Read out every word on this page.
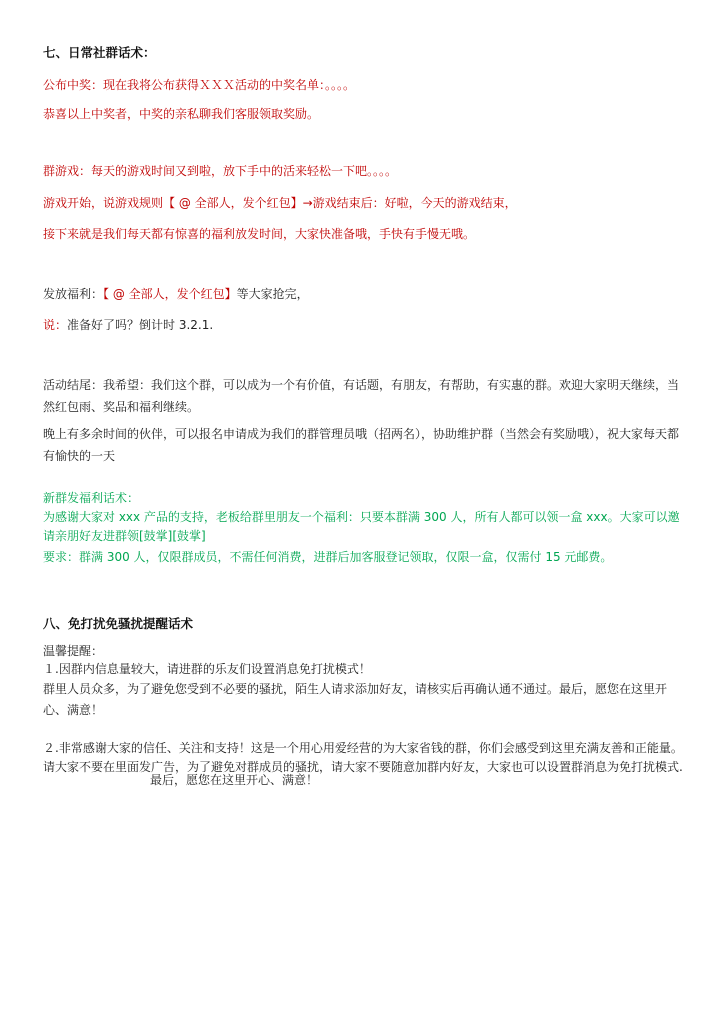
七、日常社群话术：
公布中奖：现在我将公布获得ＸＸＸ活动的中奖名单：。。。。
恭喜以上中奖者，中奖的亲私聊我们客服领取奖励。
群游戏：每天的游戏时间又到啦，放下手中的活来轻松一下吧。。。。
游戏开始，说游戏规则【 @ 全部人，发个红包】→游戏结束后：好啦，今天的游戏结束，
接下来就是我们每天都有惊喜的福利放发时间，大家快准备哦，手快有手慢无哦。
发放福利：【 @ 全部人，发个红包】等大家抢完，
说：准备好了吗？倒计时 3.2.1.
活动结尾：我希望：我们这个群，可以成为一个有价值，有话题，有朋友，有帮助，有实惠的群。欢迎大家明天继续，当然红包雨、奖品和福利继续。
晚上有多余时间的伙伴，可以报名申请成为我们的群管理员哦（招两名），协助维护群（当然会有奖励哦），祝大家每天都有愉快的一天
新群发福利话术：
为感谢大家对 xxx 产品的支持，老板给群里朋友一个福利：只要本群满 300 人，所有人都可以领一盒 xxx。大家可以邀请亲朋好友进群领[鼓掌][鼓掌]
要求：群满 300 人，仅限群成员，不需任何消费，进群后加客服登记领取，仅限一盒，仅需付 15 元邮费。
八、免打扰免骚扰提醒话术
温馨提醒：
１.因群内信息量较大，请进群的乐友们设置消息免打扰模式！
群里人员众多，为了避免您受到不必要的骚扰，陌生人请求添加好友，请核实后再确认通不通过。最后，愿您在这里开心、满意！
２.非常感谢大家的信任、关注和支持！这是一个用心用爱经营的为大家省钱的群，你们会感受到这里充满友善和正能量。请大家不要在里面发广告，为了避免对群成员的骚扰，请大家不要随意加群内好友，大家也可以设置群消息为免打扰模式.
最后，愿您在这里开心、满意！
